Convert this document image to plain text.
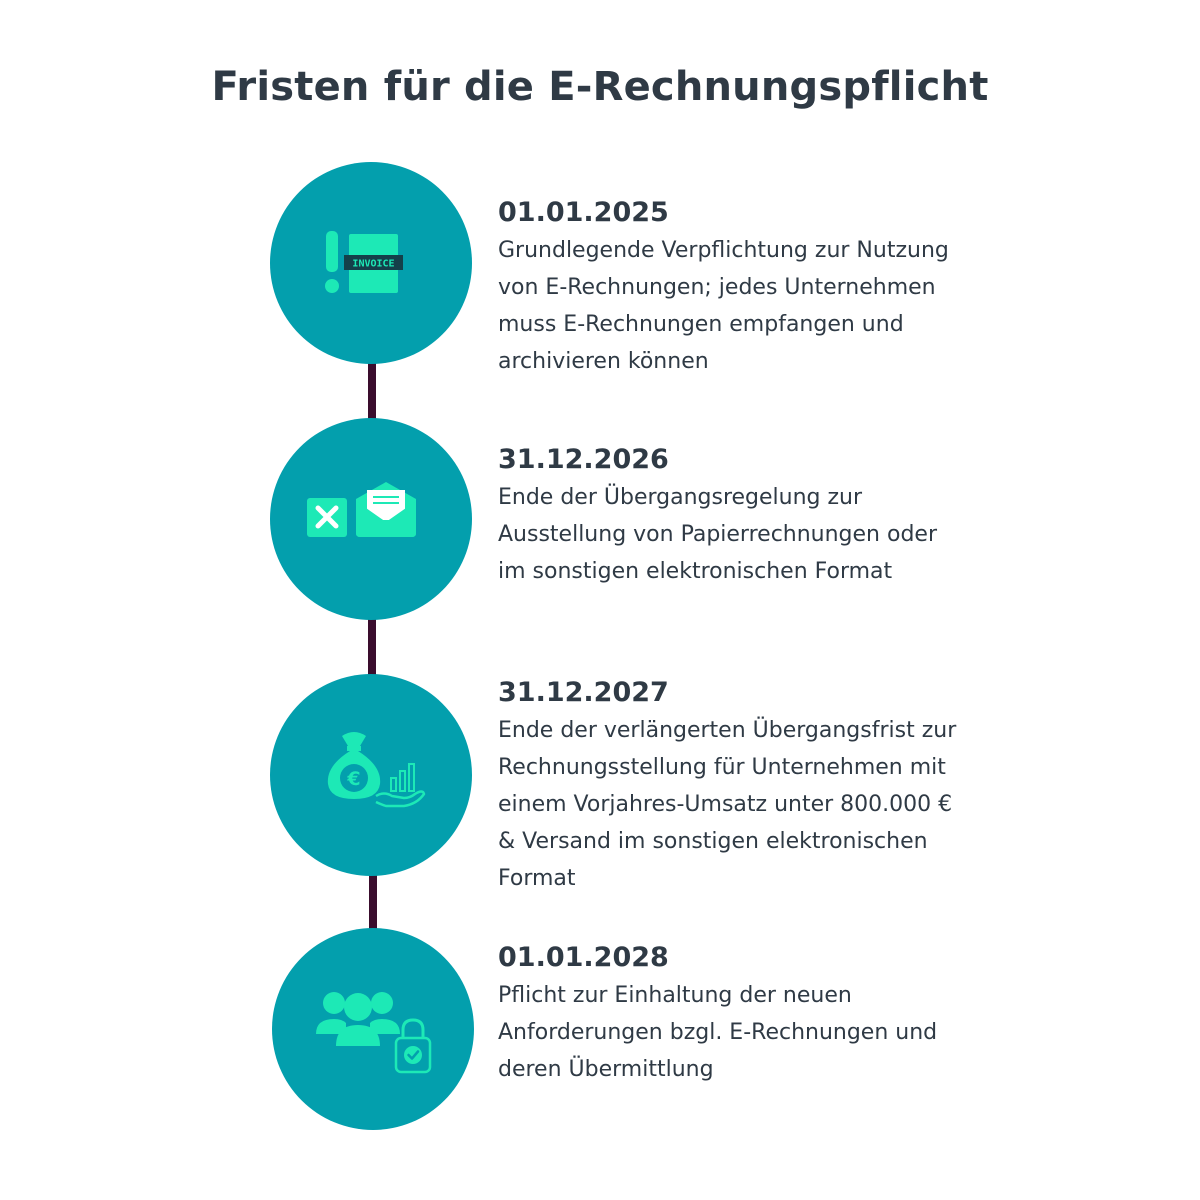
Fristen für die E-Rechnungspflicht
INVOICE
01.01.2025
Grundlegende Verpflichtung zur Nutzung von E-Rechnungen; jedes Unternehmen muss E-Rechnungen empfangen und archivieren können
31.12.2026
Ende der Übergangsregelung zur Ausstellung von Papierrechnungen oder im sonstigen elektronischen Format
€
31.12.2027
Ende der verlängerten Übergangsfrist zur Rechnungsstellung für Unternehmen mit einem Vorjahres-Umsatz unter 800.000 € & Versand im sonstigen elektronischen Format
01.01.2028
Pflicht zur Einhaltung der neuen Anforderungen bzgl. E-Rechnungen und deren Übermittlung
